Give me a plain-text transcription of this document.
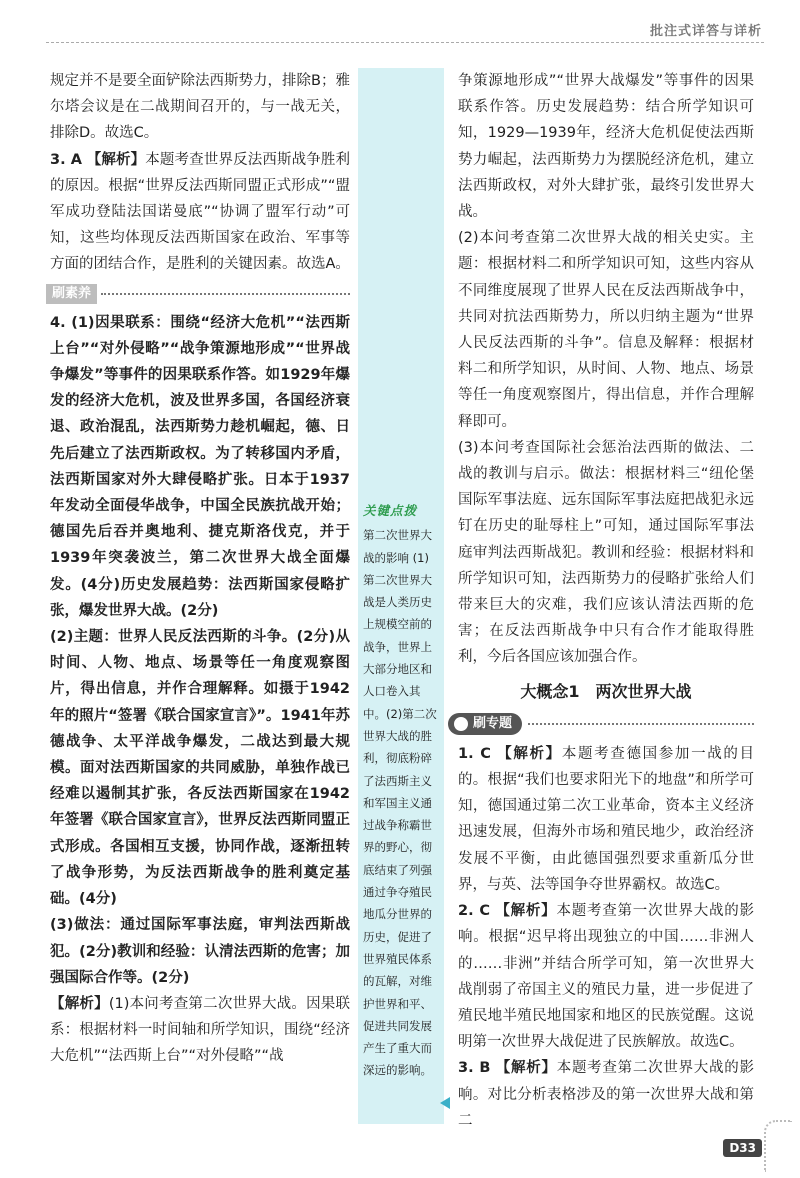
批注式详答与详析

规定并不是要全面铲除法西斯势力，排除B；雅尔塔会议是在二战期间召开的，与一战无关，排除D。故选C。

3. A 【解析】本题考查世界反法西斯战争胜利的原因。根据“世界反法西斯同盟正式形成”“盟军成功登陆法国诺曼底”“协调了盟军行动”可知，这些均体现反法西斯国家在政治、军事等方面的团结合作，是胜利的关键因素。故选A。

刷素养

4. (1)因果联系：围绕“经济大危机”“法西斯上台”“对外侵略”“战争策源地形成”“世界战争爆发”等事件的因果联系作答。如1929年爆发的经济大危机，波及世界多国，各国经济衰退、政治混乱，法西斯势力趁机崛起，德、日先后建立了法西斯政权。为了转移国内矛盾，法西斯国家对外大肆侵略扩张。日本于1937年发动全面侵华战争，中国全民族抗战开始；德国先后吞并奥地利、捷克斯洛伐克，并于1939年突袭波兰，第二次世界大战全面爆发。(4分)历史发展趋势：法西斯国家侵略扩张，爆发世界大战。(2分)

(2)主题：世界人民反法西斯的斗争。(2分)从时间、人物、地点、场景等任一角度观察图片，得出信息，并作合理解释。如摄于1942年的照片“签署《联合国家宣言》”。1941年苏德战争、太平洋战争爆发，二战达到最大规模。面对法西斯国家的共同威胁，单独作战已经难以遏制其扩张，各反法西斯国家在1942年签署《联合国家宣言》，世界反法西斯同盟正式形成。各国相互支援，协同作战，逐渐扭转了战争形势，为反法西斯战争的胜利奠定基础。(4分)

(3)做法：通过国际军事法庭，审判法西斯战犯。(2分)教训和经验：认清法西斯的危害；加强国际合作等。(2分)

【解析】(1)本问考查第二次世界大战。因果联系：根据材料一时间轴和所学知识，围绕“经济大危机”“法西斯上台”“对外侵略”“战

关键点拨
第二次世界大战的影响 (1)第二次世界大战是人类历史上规模空前的战争，世界上大部分地区和人口卷入其中。(2)第二次世界大战的胜利，彻底粉碎了法西斯主义和军国主义通过战争称霸世界的野心，彻底结束了列强通过争夺殖民地瓜分世界的历史，促进了世界殖民体系的瓦解，对维护世界和平、促进共同发展产生了重大而深远的影响。

争策源地形成”“世界大战爆发”等事件的因果联系作答。历史发展趋势：结合所学知识可知，1929—1939年，经济大危机促使法西斯势力崛起，法西斯势力为摆脱经济危机，建立法西斯政权，对外大肆扩张，最终引发世界大战。

(2)本问考查第二次世界大战的相关史实。主题：根据材料二和所学知识可知，这些内容从不同维度展现了世界人民在反法西斯战争中，共同对抗法西斯势力，所以归纳主题为“世界人民反法西斯的斗争”。信息及解释：根据材料二和所学知识，从时间、人物、地点、场景等任一角度观察图片，得出信息，并作合理解释即可。

(3)本问考查国际社会惩治法西斯的做法、二战的教训与启示。做法：根据材料三“纽伦堡国际军事法庭、远东国际军事法庭把战犯永远钉在历史的耻辱柱上”可知，通过国际军事法庭审判法西斯战犯。教训和经验：根据材料和所学知识可知，法西斯势力的侵略扩张给人们带来巨大的灾难，我们应该认清法西斯的危害；在反法西斯战争中只有合作才能取得胜利，今后各国应该加强合作。

大概念1　两次世界大战
刷专题

1. C 【解析】本题考查德国参加一战的目的。根据“我们也要求阳光下的地盘”和所学可知，德国通过第二次工业革命，资本主义经济迅速发展，但海外市场和殖民地少，政治经济发展不平衡，由此德国强烈要求重新瓜分世界，与英、法等国争夺世界霸权。故选C。

2. C 【解析】本题考查第一次世界大战的影响。根据“迟早将出现独立的中国……非洲人的……非洲”并结合所学可知，第一次世界大战削弱了帝国主义的殖民力量，进一步促进了殖民地半殖民地国家和地区的民族觉醒。这说明第一次世界大战促进了民族解放。故选C。

3. B 【解析】本题考查第二次世界大战的影响。对比分析表格涉及的第一次世界大战和第二

D33
